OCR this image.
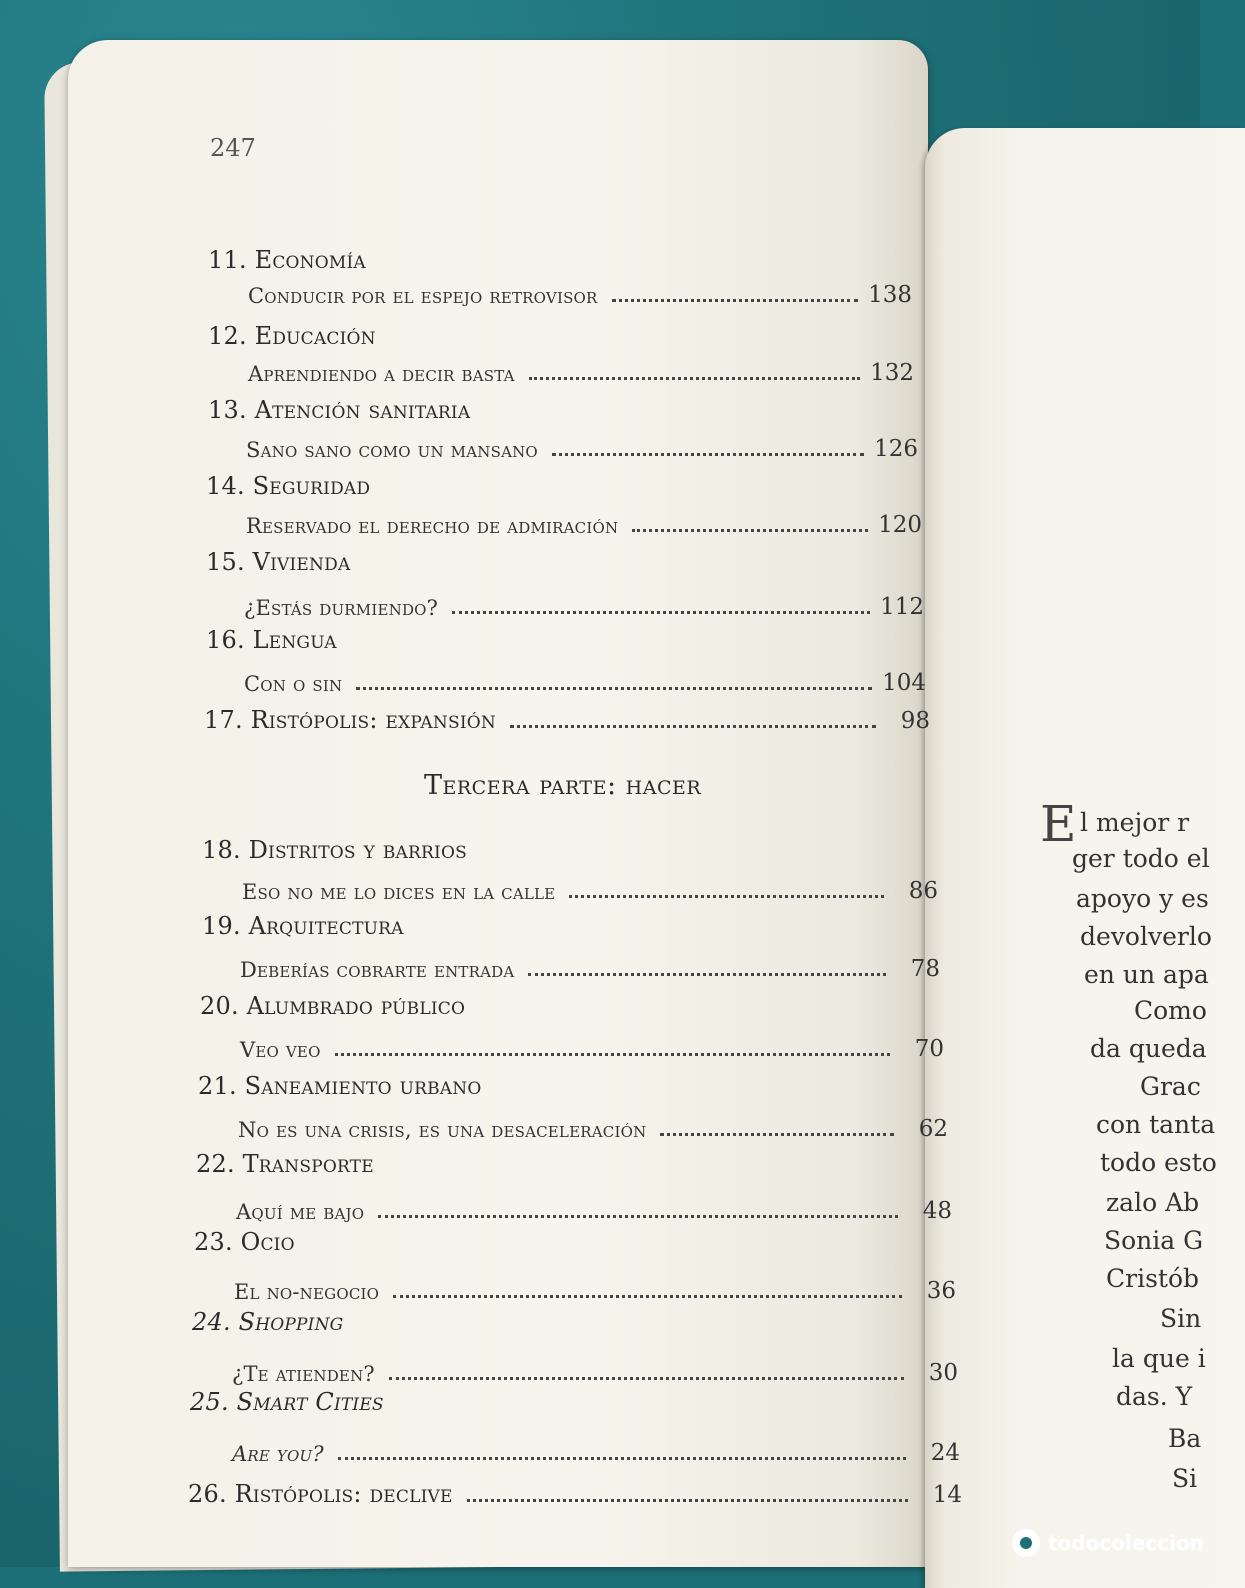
247
11. Economía
Conducir por el espejo retrovisor	138
12. Educación
Aprendiendo a decir basta	132
13. Atención sanitaria
Sano sano como un mansano	126
14. Seguridad
Reservado el derecho de admiración	120
15. Vivienda
¿Estás durmiendo?	112
16. Lengua
Con o sin	104
17. Ristópolis: expansión	98
Tercera parte: hacer
18. Distritos y barrios
Eso no me lo dices en la calle	86
19. Arquitectura
Deberías cobrarte entrada	78
20. Alumbrado público
Veo veo	70
21. Saneamiento urbano
No es una crisis, es una desaceleración	62
22. Transporte
Aquí me bajo	48
23. Ocio
El no-negocio	36
24. Shopping
¿Te atienden?	30
25. Smart Cities
Are you?	24
26. Ristópolis: declive	14
E l mejor r
ger todo el
apoyo y es
devolverlo
en un apa
Como
da queda
Grac
con tanta
todo esto
zalo Ab
Sonia G
Cristób
Sin
la que i
das. Y
Ba
Si
todocoleccion
